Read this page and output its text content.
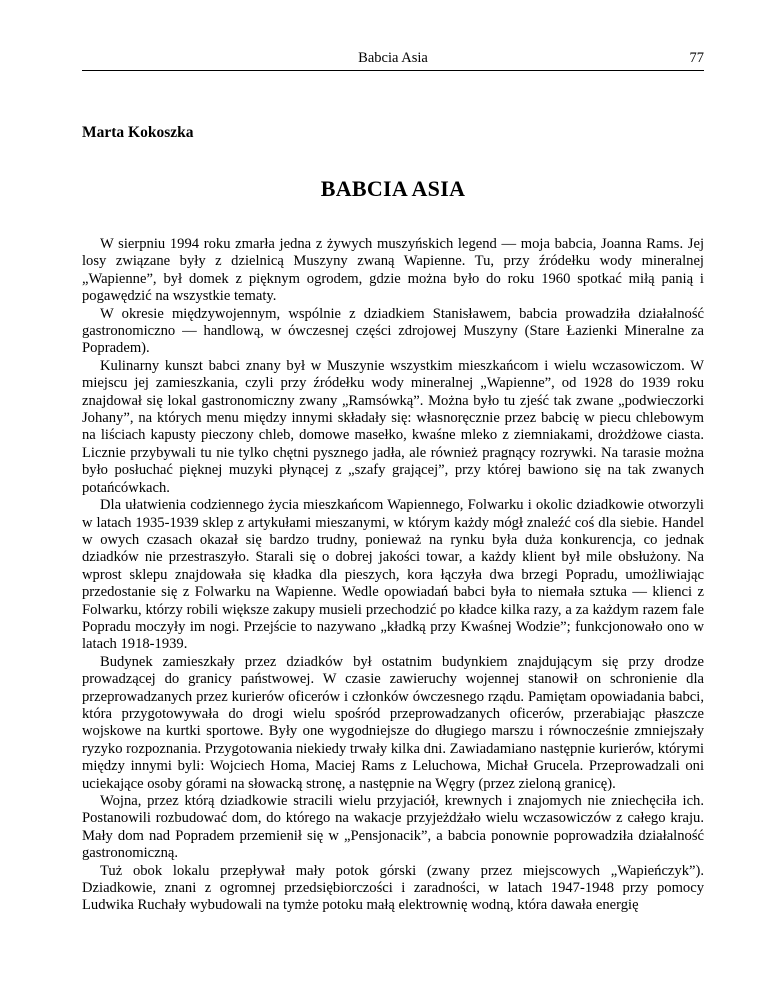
Babcia Asia	77
Marta Kokoszka
BABCIA ASIA

W sierpniu 1994 roku zmarła jedna z żywych muszyńskich legend — moja babcia, Joanna Rams. Jej losy związane były z dzielnicą Muszyny zwaną Wapienne. Tu, przy źródełku wody mineralnej „Wapienne”, był domek z pięknym ogrodem, gdzie można było do roku 1960 spotkać miłą panią i pogawędzić na wszystkie tematy.

W okresie międzywojennym, wspólnie z dziadkiem Stanisławem, babcia prowadziła działalność gastronomiczno — handlową, w ówczesnej części zdrojowej Muszyny (Stare Łazienki Mineralne za Popradem).

Kulinarny kunszt babci znany był w Muszynie wszystkim mieszkańcom i wielu wczasowiczom. W miejscu jej zamieszkania, czyli przy źródełku wody mineralnej „Wapienne”, od 1928 do 1939 roku znajdował się lokal gastronomiczny zwany „Ramsówką”. Można było tu zjeść tak zwane „podwieczorki Johany”, na których menu między innymi składały się: własnoręcznie przez babcię w piecu chlebowym na liściach kapusty pieczony chleb, domowe masełko, kwaśne mleko z ziemniakami, drożdżowe ciasta. Licznie przybywali tu nie tylko chętni pysznego jadła, ale również pragnący rozrywki. Na tarasie można było posłuchać pięknej muzyki płynącej z „szafy grającej”, przy której bawiono się na tak zwanych potańcówkach.

Dla ułatwienia codziennego życia mieszkańcom Wapiennego, Folwarku i okolic dziadkowie otworzyli w latach 1935-1939 sklep z artykułami mieszanymi, w którym każdy mógł znaleźć coś dla siebie. Handel w owych czasach okazał się bardzo trudny, ponieważ na rynku była duża konkurencja, co jednak dziadków nie przestraszyło. Starali się o dobrej jakości towar, a każdy klient był mile obsłużony. Na wprost sklepu znajdowała się kładka dla pieszych, kora łączyła dwa brzegi Popradu, umożliwiając przedostanie się z Folwarku na Wapienne. Wedle opowiadań babci była to niemała sztuka — klienci z Folwarku, którzy robili większe zakupy musieli przechodzić po kładce kilka razy, a za każdym razem fale Popradu moczyły im nogi. Przejście to nazywano „kładką przy Kwaśnej Wodzie”; funkcjonowało ono w latach 1918-1939.

Budynek zamieszkały przez dziadków był ostatnim budynkiem znajdującym się przy drodze prowadzącej do granicy państwowej. W czasie zawieruchy wojennej stanowił on schronienie dla przeprowadzanych przez kurierów oficerów i członków ówczesnego rządu. Pamiętam opowiadania babci, która przygotowywała do drogi wielu spośród przeprowadzanych oficerów, przerabiając płaszcze wojskowe na kurtki sportowe. Były one wygodniejsze do długiego marszu i równocześnie zmniejszały ryzyko rozpoznania. Przygotowania niekiedy trwały kilka dni. Zawiadamiano następnie kurierów, którymi między innymi byli: Wojciech Homa, Maciej Rams z Leluchowa, Michał Grucela. Przeprowadzali oni uciekające osoby górami na słowacką stronę, a następnie na Węgry (przez zieloną granicę).

Wojna, przez którą dziadkowie stracili wielu przyjaciół, krewnych i znajomych nie zniechęciła ich. Postanowili rozbudować dom, do którego na wakacje przyjeżdżało wielu wczasowiczów z całego kraju. Mały dom nad Popradem przemienił się w „Pensjonacik”, a babcia ponownie poprowadziła działalność gastronomiczną.

Tuż obok lokalu przepływał mały potok górski (zwany przez miejscowych „Wapieńczyk”). Dziadkowie, znani z ogromnej przedsiębiorczości i zaradności, w latach 1947-1948 przy pomocy Ludwika Ruchały wybudowali na tymże potoku małą elektrownię wodną, która dawała energię
